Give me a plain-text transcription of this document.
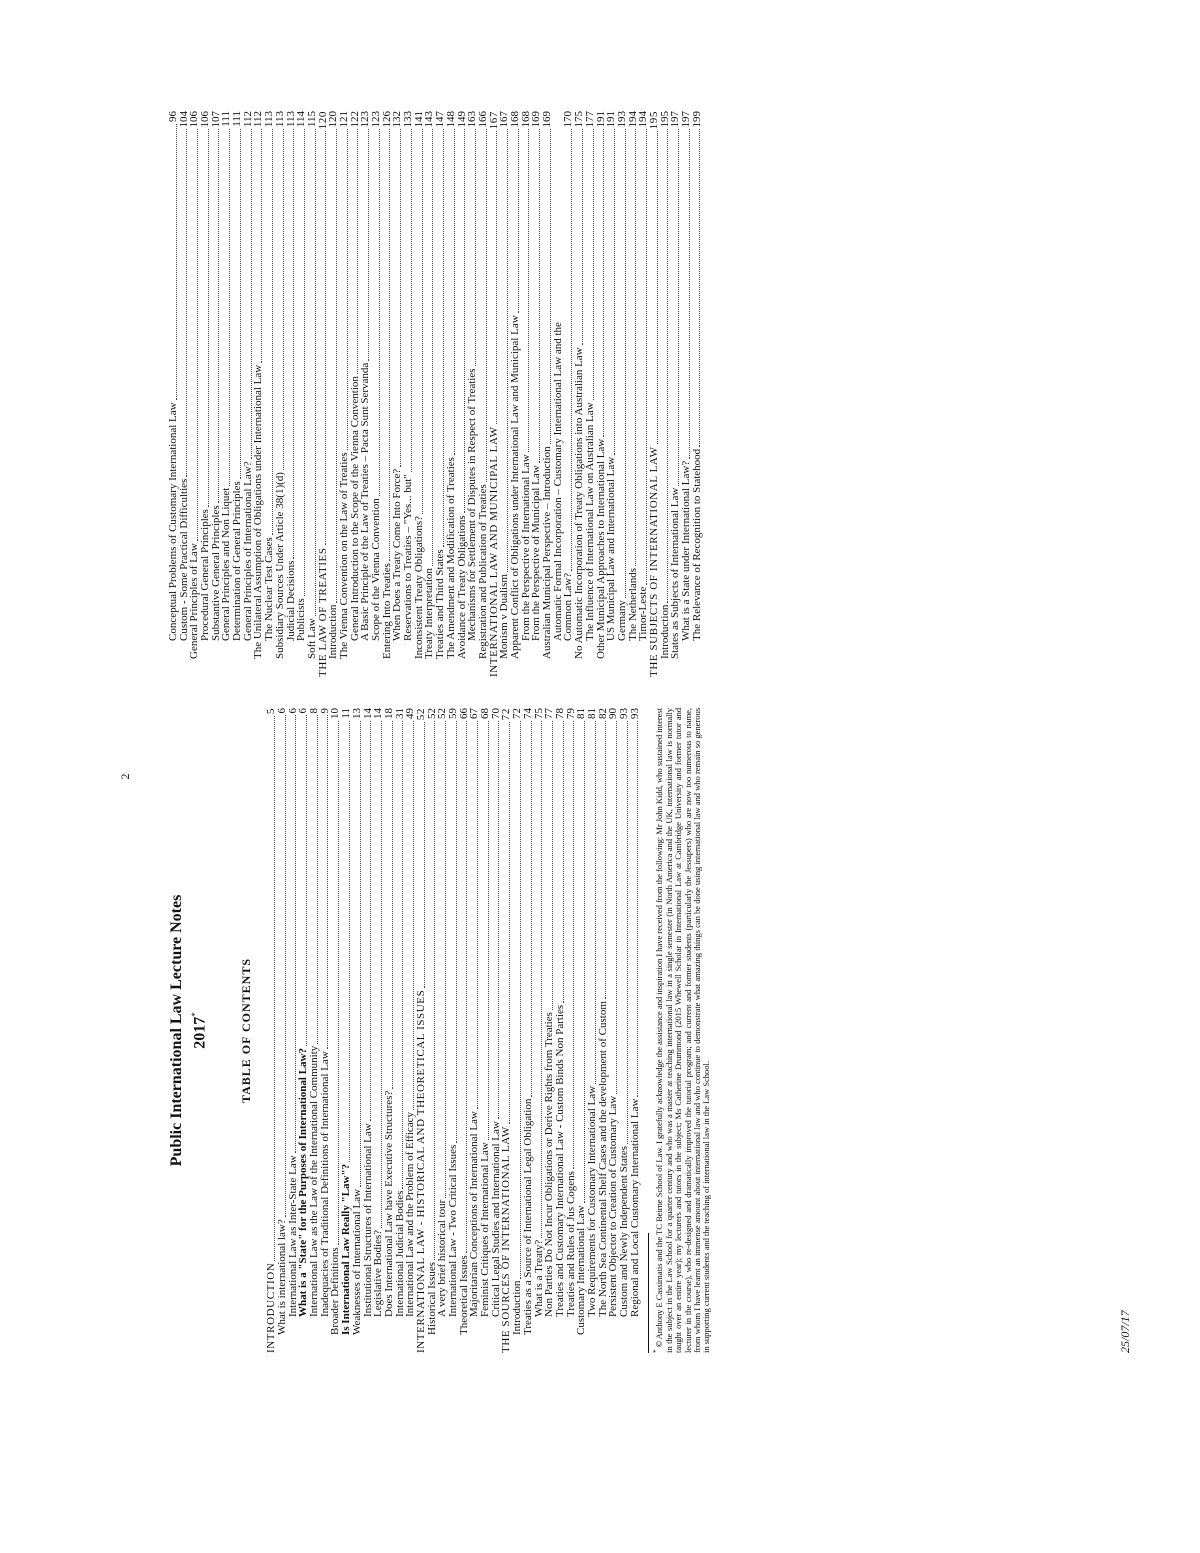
2
Public International Law Lecture Notes 2017*	TABLE OF CONTENTS
INTRODUCTION
5
What is international law?
6
International Law as Inter-State Law
6
What is a "State" for the Purposes of International Law?
6
International Law as the Law of the International Community
8
Inadequacies of Traditional Definitions of International Law
9
Broader Definitions
10
Is International Law Really "Law"?
11
Weaknesses of International Law
13
Institutional Structures of International Law
14
Legislative Bodies?
14
Does International Law have Executive Structures?
18
International Judicial Bodies
31
International Law and the Problem of Efficacy
49
INTERNATIONAL LAW - HISTORICAL AND THEORETICAL ISSUES
52
Historical Issues
52
A very brief historical tour
52
International Law - Two Critical Issues
59
Theoretical Issues
66
Majoritarian Conceptions of International Law
67
Feminist Critiques of International Law
68
Critical Legal Studies and International Law
70
THE SOURCES OF INTERNATIONAL LAW
72
Introduction
72
Treaties as a Source of International Legal Obligation
74
What is a Treaty?
75
Non Parties Do Not Incur Obligations or Derive Rights from Treaties
77
Treaties and Customary International Law - Custom Binds Non Parties
78
Treaties and Rules of Jus Cogens
79
Customary International Law
81
Two Requirements for Customary International Law
81
The North Sea Continental Shelf Cases and the development of Custom
82
Persistent Objector to Creation of Customary Law
90
Custom and Newly Independent States
93
Regional and Local Customary International Law
93
* © Anthony E Cassimatis and the TC Beirne School of Law. I gratefully acknowledge the assistance and inspiration I have received from the following: Mr John Kidd, who sustained interest in the subject in the Law School for a quarter century and who was a master at teaching international law in a single semester (in North America and the UK, international law is normally taught over an entire year); my lecturers and tutors in the subject; Ms Catherine Drummond (2015 Whewell Scholar in International Law at Cambridge University and former tutor and lecturer in the course), who re-designed and dramatically improved the tutorial program; and current and former students (particularly the Jessupers) who are now too numerous to name, from whom I have learnt an immense amount about international law and who continue to demonstrate what amazing things can be done using international law and who remain so generous in supporting current students and the teaching of international law in the Law School.
Conceptual Problems of Customary International Law
96
Custom - Some Practical Difficulties
104
General Principles of Law
106
Procedural General Principles
106
Substantive General Principles
107
General Principles and Non Liquet
111
Determination of General Principles
111
General Principles of International Law?
112
The Unilateral Assumption of Obligations under International Law
112
The Nuclear Test Cases
113
Subsidiary Sources Under Article 38(1)(d)
113
Judicial Decisions
113
Publicists
114
Soft Law
115
THE LAW OF TREATIES
120
Introduction
120
The Vienna Convention on the Law of Treaties
121
General Introduction to the Scope of the Vienna Convention
122
A Basic Principle of the Law of Treaties – Pacta Sunt Servanda
123
Scope of the Vienna Convention
123
Entering Into Treaties
126
When Does a Treaty Come Into Force?
132
Reservations to Treaties – "Yes... but"
133
Inconsistent Treaty Obligations?
141
Treaty Interpretation
143
Treaties and Third States
147
The Amendment and Modification of Treaties
148
Avoidance of Treaty Obligations
149
Mechanisms for Settlement of Disputes in Respect of Treaties
163
Registration and Publication of Treaties
166
INTERNATIONAL LAW AND MUNICIPAL LAW
167
Monism v Dualism
167
Apparent Conflict of Obligations under International Law and Municipal Law
168
From the Perspective of International Law
168
From the Perspective of Municipal Law
169
Australian Municipal Perspective – Introduction
169
Automatic Formal Incorporation – Customary International Law and the
Common Law?
170
No Automatic Incorporation of Treaty Obligations into Australian Law
175
The Influence of International Law on Australian Law
177
Other Municipal Approaches to International Law
191
US Municipal Law and International Law
191
Germany
193
The Netherlands
194
Timor-Leste
194
THE SUBJECTS OF INTERNATIONAL LAW
195
Introduction
195
States as Subjects of International Law
197
What is a State under International Law?
197
The Relevance of Recognition to Statehood
199
25/07/17
